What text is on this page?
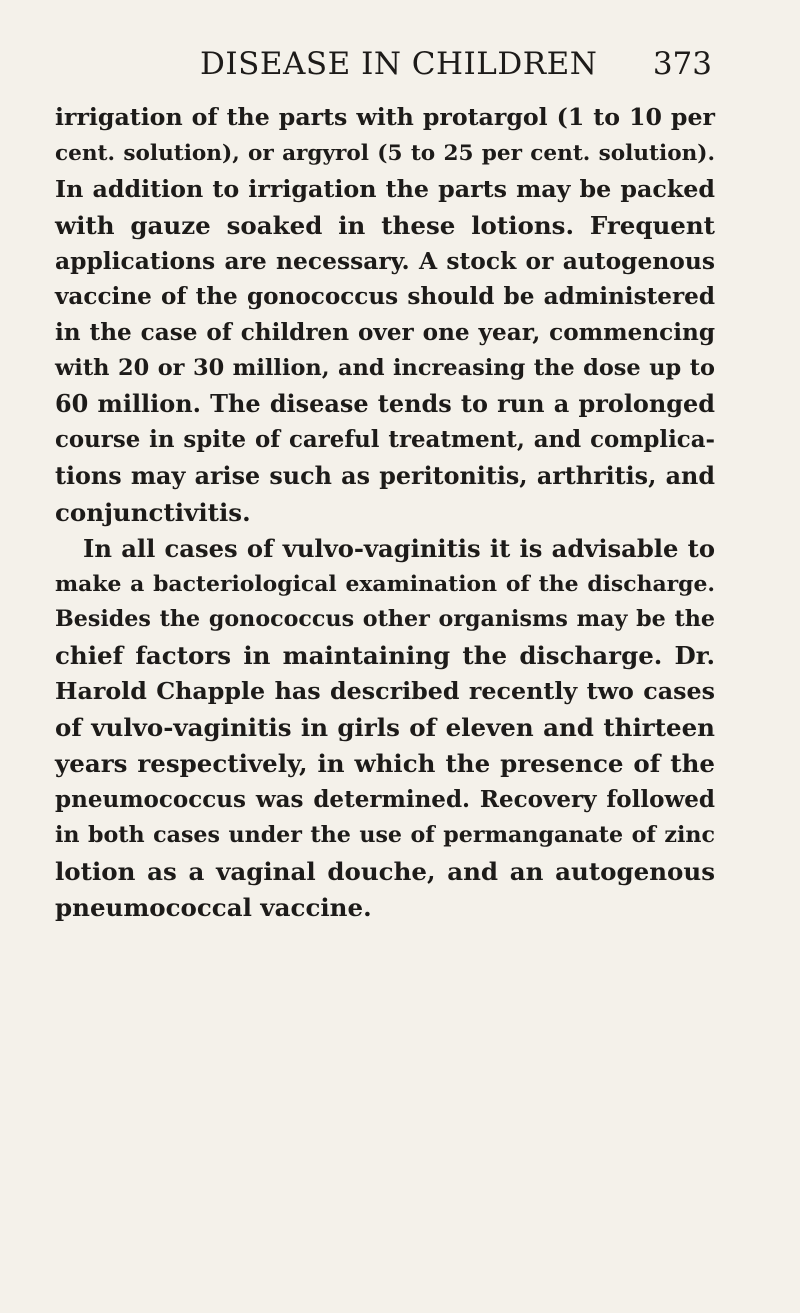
DISEASE IN CHILDREN 373
irrigation of the parts with protargol (1 to 10 per
cent. solution), or argyrol (5 to 25 per cent. solution).
In addition to irrigation the parts may be packed
with gauze soaked in these lotions. Frequent
applications are necessary. A stock or autogenous
vaccine of the gonococcus should be administered
in the case of children over one year, commencing
with 20 or 30 million, and increasing the dose up to
60 million. The disease tends to run a prolonged
course in spite of careful treatment, and complica-
tions may arise such as peritonitis, arthritis, and
conjunctivitis.
In all cases of vulvo-vaginitis it is advisable to
make a bacteriological examination of the discharge.
Besides the gonococcus other organisms may be the
chief factors in maintaining the discharge. Dr.
Harold Chapple has described recently two cases
of vulvo-vaginitis in girls of eleven and thirteen
years respectively, in which the presence of the
pneumococcus was determined. Recovery followed
in both cases under the use of permanganate of zinc
lotion as a vaginal douche, and an autogenous
pneumococcal vaccine.
